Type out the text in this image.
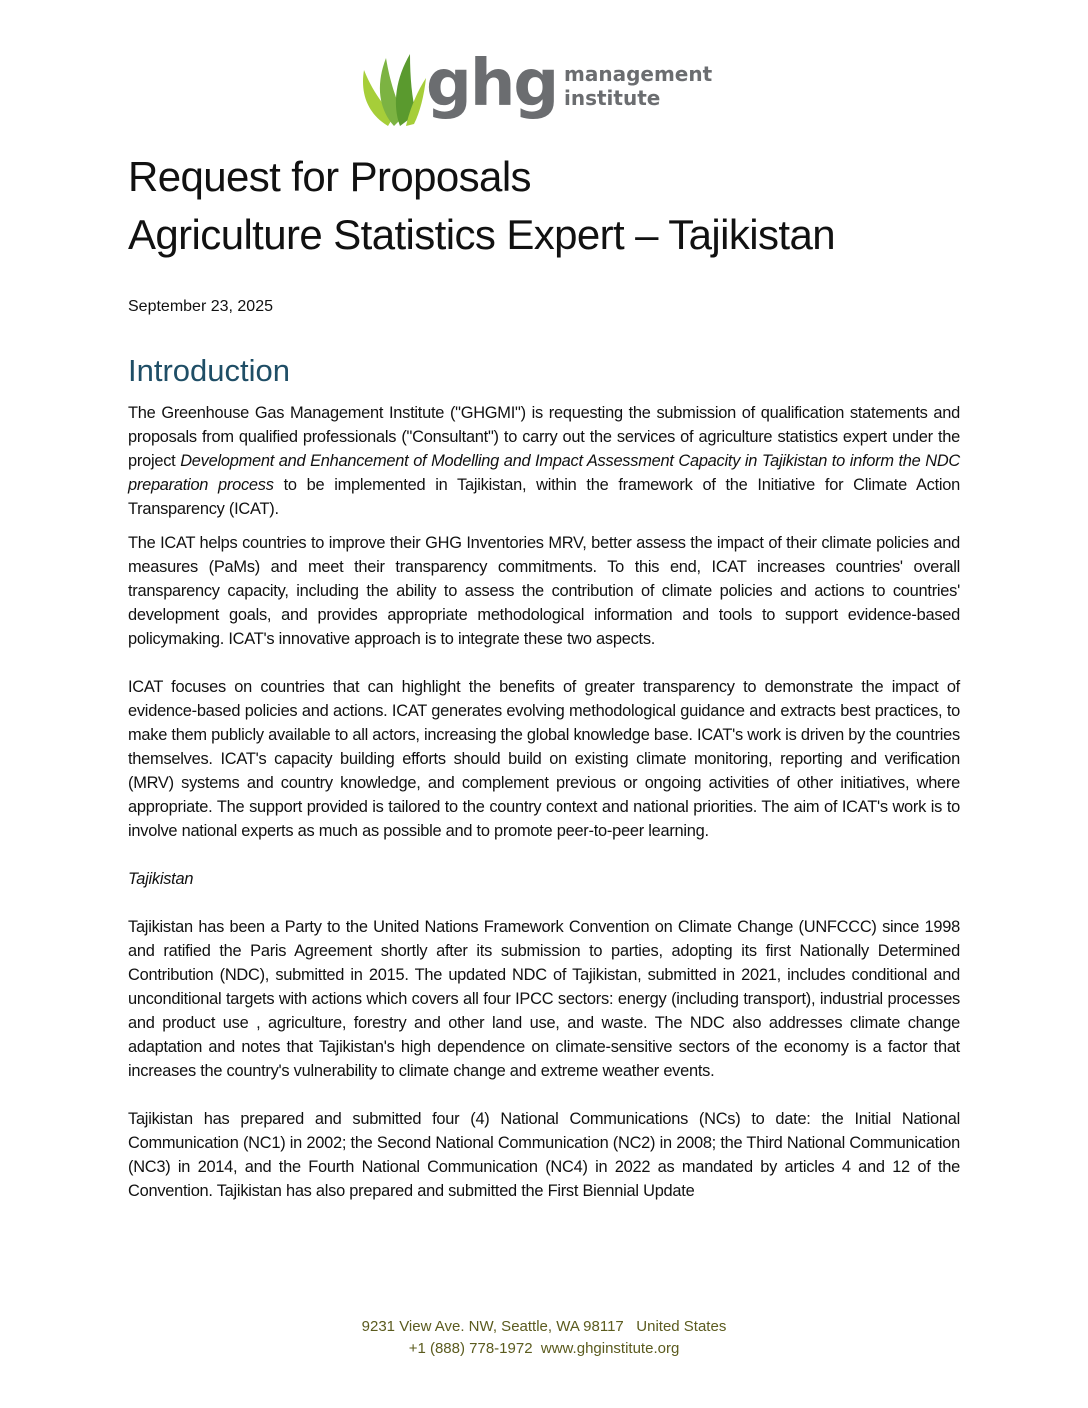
ghg management
institute
Request for Proposals
Agriculture Statistics Expert – Tajikistan
September 23, 2025
Introduction

The Greenhouse Gas Management Institute ("GHGMI") is requesting the submission of qualification statements and proposals from qualified professionals ("Consultant") to carry out the services of agriculture statistics expert under the project Development and Enhancement of Modelling and Impact Assessment Capacity in Tajikistan to inform the NDC preparation process to be implemented in Tajikistan, within the framework of the Initiative for Climate Action Transparency (ICAT).

The ICAT helps countries to improve their GHG Inventories MRV, better assess the impact of their climate policies and measures (PaMs) and meet their transparency commitments. To this end, ICAT increases countries' overall transparency capacity, including the ability to assess the contribution of climate policies and actions to countries' development goals, and provides appropriate methodological information and tools to support evidence-based policymaking. ICAT's innovative approach is to integrate these two aspects.

ICAT focuses on countries that can highlight the benefits of greater transparency to demonstrate the impact of evidence-based policies and actions. ICAT generates evolving methodological guidance and extracts best practices, to make them publicly available to all actors, increasing the global knowledge base. ICAT's work is driven by the countries themselves. ICAT's capacity building efforts should build on existing climate monitoring, reporting and verification (MRV) systems and country knowledge, and complement previous or ongoing activities of other initiatives, where appropriate. The support provided is tailored to the country context and national priorities. The aim of ICAT's work is to involve national experts as much as possible and to promote peer-to-peer learning.

Tajikistan

Tajikistan has been a Party to the United Nations Framework Convention on Climate Change (UNFCCC) since 1998 and ratified the Paris Agreement shortly after its submission to parties, adopting its first Nationally Determined Contribution (NDC), submitted in 2015. The updated NDC of Tajikistan, submitted in 2021, includes conditional and unconditional targets with actions which covers all four IPCC sectors: energy (including transport), industrial processes and product use , agriculture, forestry and other land use, and waste. The NDC also addresses climate change adaptation and notes that Tajikistan's high dependence on climate-sensitive sectors of the economy is a factor that increases the country's vulnerability to climate change and extreme weather events.

Tajikistan has prepared and submitted four (4) National Communications (NCs) to date: the Initial National Communication (NC1) in 2002; the Second National Communication (NC2) in 2008; the Third National Communication (NC3) in 2014, and the Fourth National Communication (NC4) in 2022 as mandated by articles 4 and 12 of the Convention. Tajikistan has also prepared and submitted the First Biennial Update

9231 View Ave. NW, Seattle, WA 98117   United States
+1 (888) 778-1972  www.ghginstitute.org
